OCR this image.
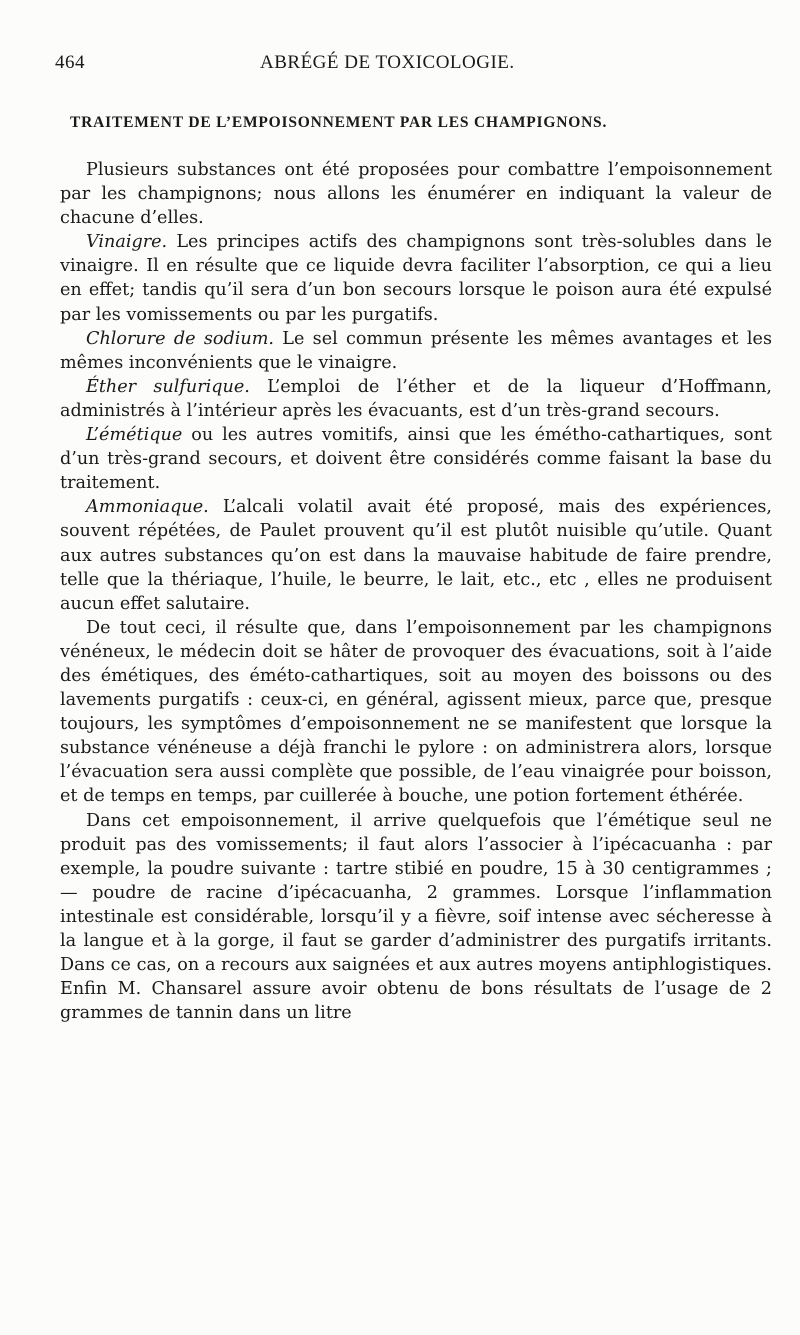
464	ABRÉGÉ DE TOXICOLOGIE.
TRAITEMENT DE L’EMPOISONNEMENT PAR LES CHAMPIGNONS.

Plusieurs substances ont été proposées pour combattre l’empoisonnement par les champignons; nous allons les énumérer en indiquant la valeur de chacune d’elles.

Vinaigre. Les principes actifs des champignons sont très-solubles dans le vinaigre. Il en résulte que ce liquide devra faciliter l’absorption, ce qui a lieu en effet; tandis qu’il sera d’un bon secours lorsque le poison aura été expulsé par les vomissements ou par les purgatifs.

Chlorure de sodium. Le sel commun présente les mêmes avantages et les mêmes inconvénients que le vinaigre.

Éther sulfurique. L’emploi de l’éther et de la liqueur d’Hoffmann, administrés à l’intérieur après les évacuants, est d’un très-grand secours.

L’émétique ou les autres vomitifs, ainsi que les émétho-cathartiques, sont d’un très-grand secours, et doivent être considérés comme faisant la base du traitement.

Ammoniaque. L’alcali volatil avait été proposé, mais des expériences, souvent répétées, de Paulet prouvent qu’il est plutôt nuisible qu’utile. Quant aux autres substances qu’on est dans la mauvaise habitude de faire prendre, telle que la thériaque, l’huile, le beurre, le lait, etc., etc , elles ne produisent aucun effet salutaire.

De tout ceci, il résulte que, dans l’empoisonnement par les champignons vénéneux, le médecin doit se hâter de provoquer des évacuations, soit à l’aide des émétiques, des éméto-cathartiques, soit au moyen des boissons ou des lavements purgatifs : ceux-ci, en général, agissent mieux, parce que, presque toujours, les symptômes d’empoisonnement ne se manifestent que lorsque la substance vénéneuse a déjà franchi le pylore : on administrera alors, lorsque l’évacuation sera aussi complète que possible, de l’eau vinaigrée pour boisson, et de temps en temps, par cuillerée à bouche, une potion fortement éthérée.

Dans cet empoisonnement, il arrive quelquefois que l’émétique seul ne produit pas des vomissements; il faut alors l’associer à l’ipécacuanha : par exemple, la poudre suivante : tartre stibié en poudre, 15 à 30 centigrammes ; — poudre de racine d’ipécacuanha, 2 grammes. Lorsque l’inflammation intestinale est considérable, lorsqu’il y a fièvre, soif intense avec sécheresse à la langue et à la gorge, il faut se garder d’administrer des purgatifs irritants. Dans ce cas, on a recours aux saignées et aux autres moyens antiphlogistiques. Enfin M. Chansarel assure avoir obtenu de bons résultats de l’usage de 2 grammes de tannin dans un litre
